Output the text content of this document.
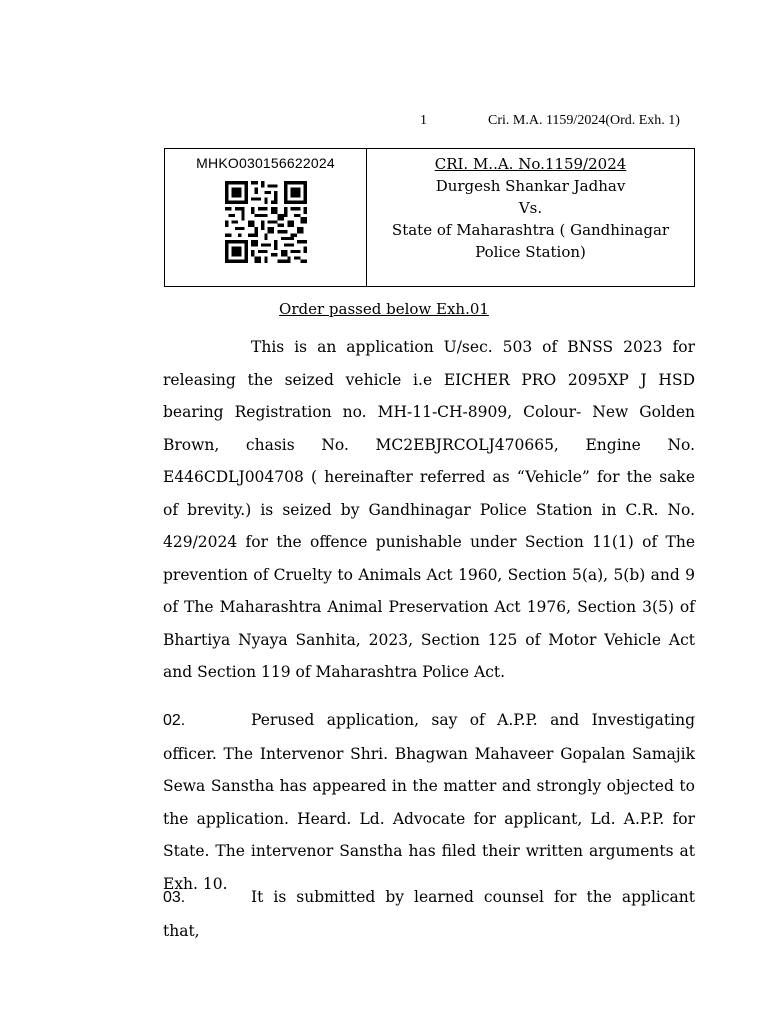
1	Cri. M.A. 1159/2024(Ord. Exh. 1)
MHKO030156622024	CRI. M..A. No.1159/2024
Durgesh Shankar Jadhav
Vs.
State of Maharashtra ( Gandhinagar
Police Station)
Order passed below Exh.01
This is an application U/sec. 503 of BNSS 2023 for releasing the seized vehicle i.e EICHER PRO 2095XP J HSD bearing Registration no. MH-11-CH-8909, Colour- New Golden Brown, chasis No. MC2EBJRCOLJ470665, Engine No. E446CDLJ004708 ( hereinafter referred as “Vehicle” for the sake of brevity.) is seized by Gandhinagar Police Station in C.R. No. 429/2024 for the offence punishable under Section 11(1) of The prevention of Cruelty to Animals Act 1960, Section 5(a), 5(b) and 9 of The Maharashtra Animal Preservation Act 1976, Section 3(5) of Bhartiya Nyaya Sanhita, 2023, Section 125 of Motor Vehicle Act and Section 119 of Maharashtra Police Act.
02.	Perused application, say of A.P.P. and Investigating officer. The Intervenor Shri. Bhagwan Mahaveer Gopalan Samajik Sewa Sanstha has appeared in the matter and strongly objected to the application. Heard. Ld. Advocate for applicant, Ld. A.P.P. for State. The intervenor Sanstha has filed their written arguments at Exh. 10.
03.	It is submitted by learned counsel for the applicant that,
